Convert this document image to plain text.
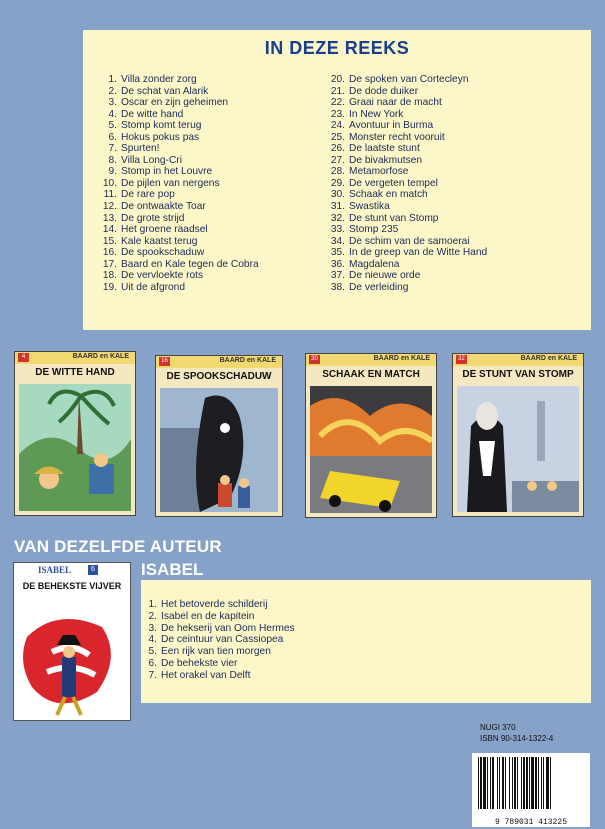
IN DEZE REEKS
1. Villa zonder zorg
2. De schat van Alarik
3. Oscar en zijn geheimen
4. De witte hand
5. Stomp komt terug
6. Hokus pokus pas
7. Spurten!
8. Villa Long-Cri
9. Stomp in het Louvre
10. De pijlen van nergens
11. De rare pop
12. De ontwaakte Toar
13. De grote strijd
14. Het groene raadsel
15. Kale kaatst terug
16. De spookschaduw
17. Baard en Kale tegen de Cobra
18. De vervloekte rots
19. Uit de afgrond
20. De spoken van Cortecleyn
21. De dode duiker
22. Graai naar de macht
23. In New York
24. Avontuur in Burma
25. Monster recht vooruit
26. De laatste stunt
27. De bivakmutsen
28. Metamorfose
29. De vergeten tempel
30. Schaak en match
31. Swastika
32. De stunt van Stomp
33. Stomp 235
34. De schim van de samoerai
35. In de greep van de Witte Hand
36. Magdalena
37. De nieuwe orde
38. De verleiding
4	BAARD en KALE
DE WITTE HAND
16	BAARD en KALE
DE SPOOKSCHADUW
30	BAARD en KALE
SCHAAK EN MATCH
32	BAARD en KALE
DE STUNT VAN STOMP
VAN DEZELFDE AUTEUR
ISABEL
ISABEL	6
DE BEHEKSTE VIJVER
1. Het betoverde schilderij
2. Isabel en de kapitein
3. De hekserij van Oom Hermes
4. De ceintuur van Cassiopea
5. Een rijk van tien morgen
6. De behekste vier
7. Het orakel van Delft
NUGI 370
ISBN 90-314-1322-4
9 789031 413225
